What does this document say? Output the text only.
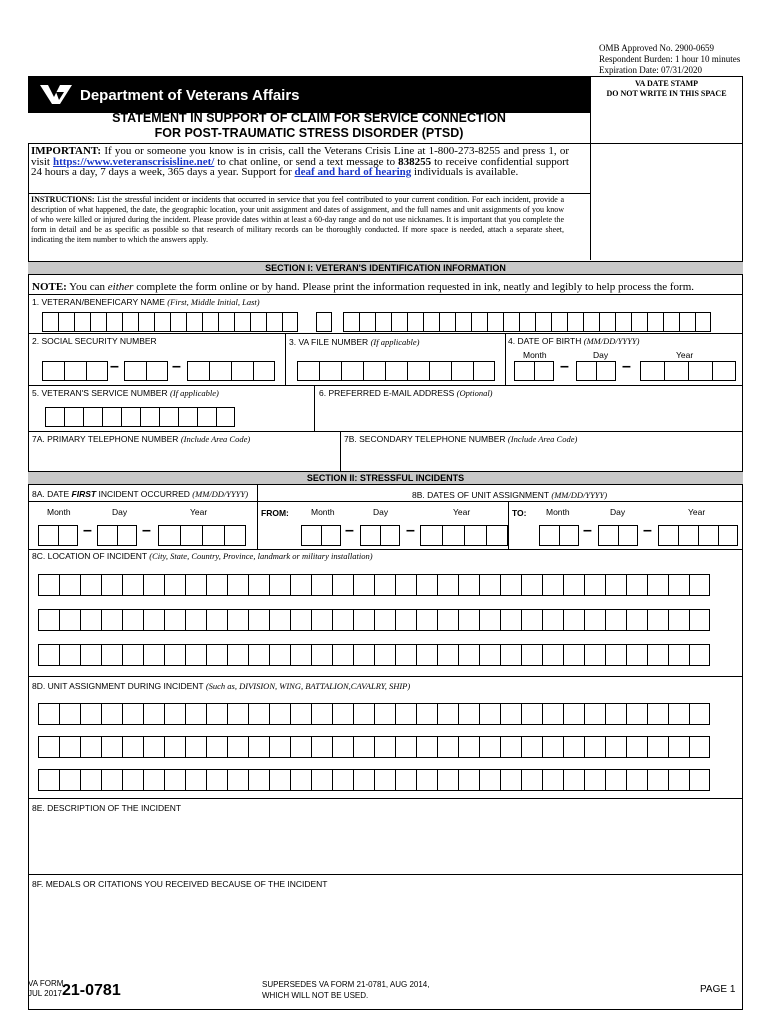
OMB Approved No. 2900-0659
Respondent Burden: 1 hour 10 minutes
Expiration Date: 07/31/2020
Department of Veterans Affairs
VA DATE STAMP
DO NOT WRITE IN THIS SPACE
STATEMENT IN SUPPORT OF CLAIM FOR SERVICE CONNECTION
FOR POST-TRAUMATIC STRESS DISORDER (PTSD)
IMPORTANT: If you or someone you know is in crisis, call the Veterans Crisis Line at 1-800-273-8255 and press 1, or visit https://www.veteranscrisisline.net/ to chat online, or send a text message to 838255 to receive confidential support 24 hours a day, 7 days a week, 365 days a year. Support for deaf and hard of hearing individuals is available.
INSTRUCTIONS: List the stressful incident or incidents that occurred in service that you feel contributed to your current condition. For each incident, provide a description of what happened, the date, the geographic location, your unit assignment and dates of assignment, and the full names and unit assignments of you know of who were killed or injured during the incident. Please provide dates within at least a 60-day range and do not use nicknames. It is important that you complete the form in detail and be as specific as possible so that research of military records can be thoroughly conducted. If more space is needed, attach a separate sheet, indicating the item number to which the answers apply.
SECTION I: VETERAN'S IDENTIFICATION INFORMATION
NOTE: You can either complete the form online or by hand. Please print the information requested in ink, neatly and legibly to help process the form.
1. VETERAN/BENEFICARY NAME (First, Middle Initial, Last)
2. SOCIAL SECURITY NUMBER	3. VA FILE NUMBER (If applicable)	4. DATE OF BIRTH (MM/DD/YYYY)
Month	Day	Year
–	–	–	–
5. VETERAN'S SERVICE NUMBER (If applicable)	6. PREFERRED E-MAIL ADDRESS (Optional)
7A. PRIMARY TELEPHONE NUMBER (Include Area Code)	7B. SECONDARY TELEPHONE NUMBER (Include Area Code)
SECTION II: STRESSFUL INCIDENTS
8A. DATE FIRST INCIDENT OCCURRED (MM/DD/YYYY)	8B. DATES OF UNIT ASSIGNMENT (MM/DD/YYYY)
Month	Day	Year	FROM:	Month	Day	Year	TO: Month	Day	Year
–	–	–	–	–	–
8C. LOCATION OF INCIDENT (City, State, Country, Province, landmark or military installation)
8D. UNIT ASSIGNMENT DURING INCIDENT (Such as, DIVISION, WING, BATTALION,CAVALRY, SHIP)
8E. DESCRIPTION OF THE INCIDENT
8F. MEDALS OR CITATIONS YOU RECEIVED BECAUSE OF THE INCIDENT
VA FORM
JUL 2017 21-0781	SUPERSEDES VA FORM 21-0781, AUG 2014,
WHICH WILL NOT BE USED.
PAGE 1
